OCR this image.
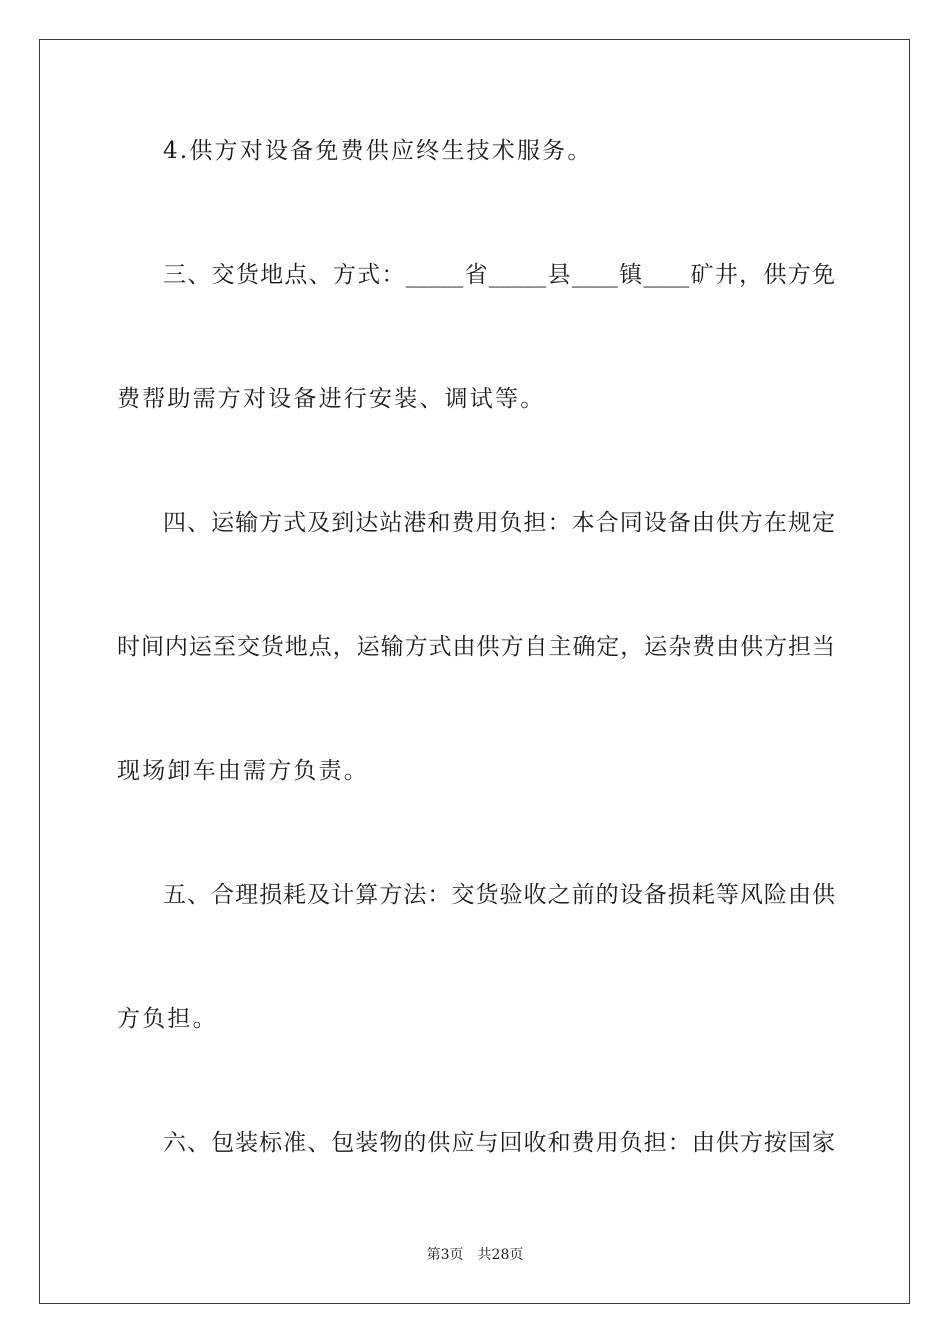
4.供方对设备免费供应终生技术服务。
三、交货地点、方式：_____省_____县____镇____矿井，供方免
费帮助需方对设备进行安装、调试等。
四、运输方式及到达站港和费用负担：本合同设备由供方在规定
时间内运至交货地点，运输方式由供方自主确定，运杂费由供方担当
现场卸车由需方负责。
五、合理损耗及计算方法：交货验收之前的设备损耗等风险由供
方负担。
六、包装标准、包装物的供应与回收和费用负担：由供方按国家
第3页 共28页
